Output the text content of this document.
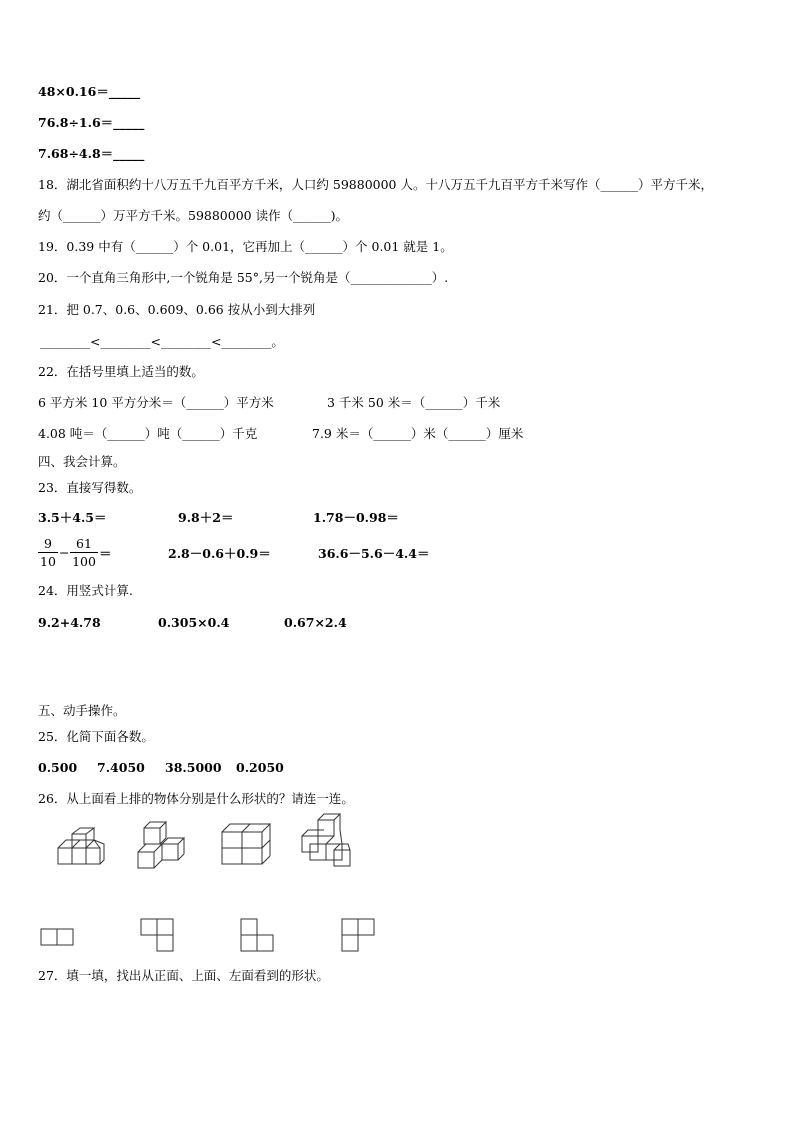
48×0.16＝_____
76.8÷1.6＝_____
7.68÷4.8＝_____
18．湖北省面积约十八万五千九百平方千米，人口约 59880000 人。十八万五千九百平方千米写作（______）平方千米，
约（______）万平方千米。59880000 读作（______)。
19．0.39 中有（______）个 0.01，它再加上（______）个 0.01 就是 1。
20．一个直角三角形中,一个锐角是 55°,另一个锐角是（_____________）.
21．把 0.7、0.6、0.609、0.66 按从小到大排列
________<________<________<________。
22．在括号里填上适当的数。
6 平方米 10 平方分米＝（______）平方米	3 千米 50 米＝（______）千米
4.08 吨＝（______）吨（______）千克	7.9 米＝（______）米（______）厘米
四、我会计算。
23．直接写得数。
3.5＋4.5＝	9.8＋2＝	1.78－0.98＝
9
10
−
61
100
＝	2.8－0.6＋0.9＝	36.6－5.6－4.4＝
24．用竖式计算.
9.2+4.78	0.305×0.4	0.67×2.4
五、动手操作。
25．化简下面各数。
0.500 7.4050 38.5000 0.2050
26．从上面看上排的物体分别是什么形状的？请连一连。
27．填一填，找出从正面、上面、左面看到的形状。
